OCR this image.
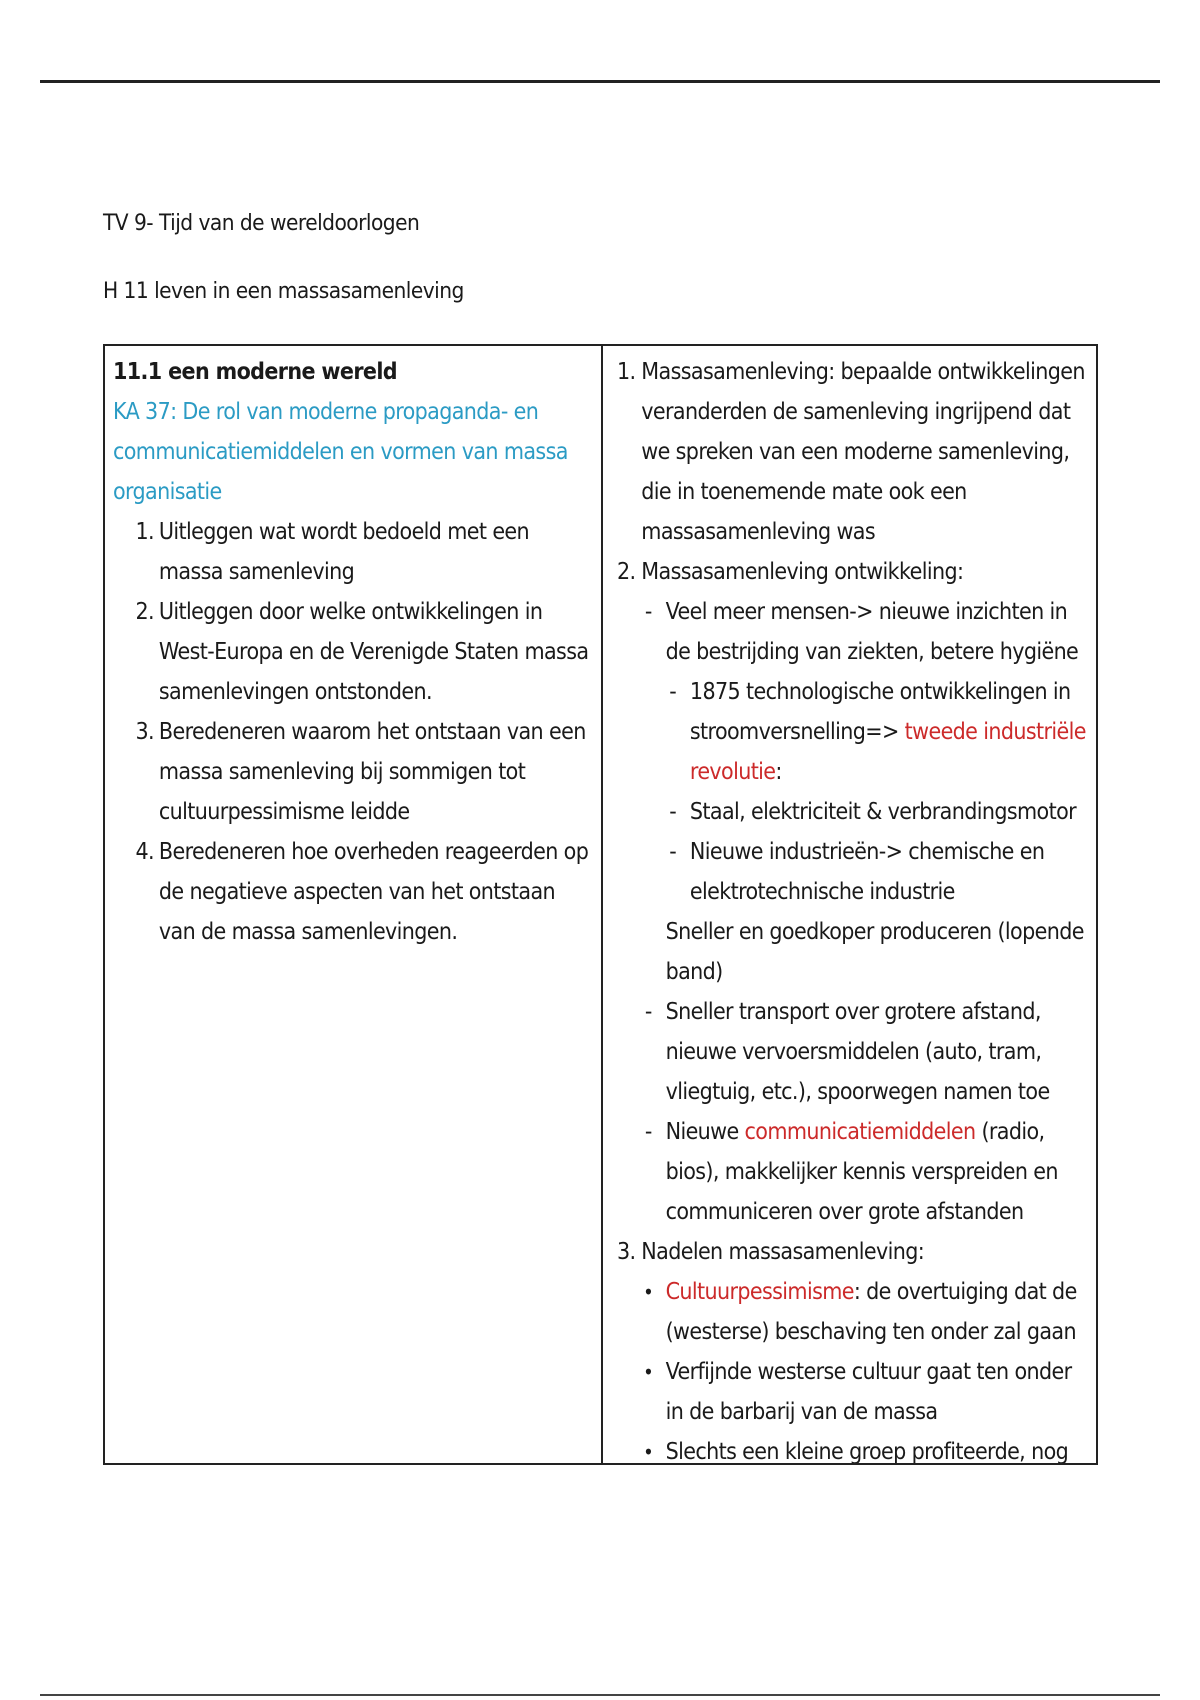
TV 9- Tijd van de wereldoorlogen
H 11 leven in een massasamenleving
11.1 een moderne wereld
KA 37: De rol van moderne propaganda- en communicatiemiddelen en vormen van massa organisatie
1. Uitleggen wat wordt bedoeld met een massa samenleving
2. Uitleggen door welke ontwikkelingen in West-Europa en de Verenigde Staten massa samenlevingen ontstonden.
3. Beredeneren waarom het ontstaan van een massa samenleving bij sommigen tot cultuurpessimisme leidde
4. Beredeneren hoe overheden reageerden op de negatieve aspecten van het ontstaan van de massa samenlevingen.
1. Massasamenleving: bepaalde ontwikkelingen veranderden de samenleving ingrijpend dat we spreken van een moderne samenleving, die in toenemende mate ook een massasamenleving was
2. Massasamenleving ontwikkeling:
- Veel meer mensen-> nieuwe inzichten in de bestrijding van ziekten, betere hygiëne
- 1875 technologische ontwikkelingen in stroomversnelling=> tweede industriële revolutie:
- Staal, elektriciteit & verbrandingsmotor
- Nieuwe industrieën-> chemische en elektrotechnische industrie
Sneller en goedkoper produceren (lopende band)
- Sneller transport over grotere afstand, nieuwe vervoersmiddelen (auto, tram, vliegtuig, etc.), spoorwegen namen toe
- Nieuwe communicatiemiddelen (radio, bios), makkelijker kennis verspreiden en communiceren over grote afstanden
3. Nadelen massasamenleving:
• Cultuurpessimisme: de overtuiging dat de (westerse) beschaving ten onder zal gaan
• Verfijnde westerse cultuur gaat ten onder in de barbarij van de massa
• Slechts een kleine groep profiteerde, nog
